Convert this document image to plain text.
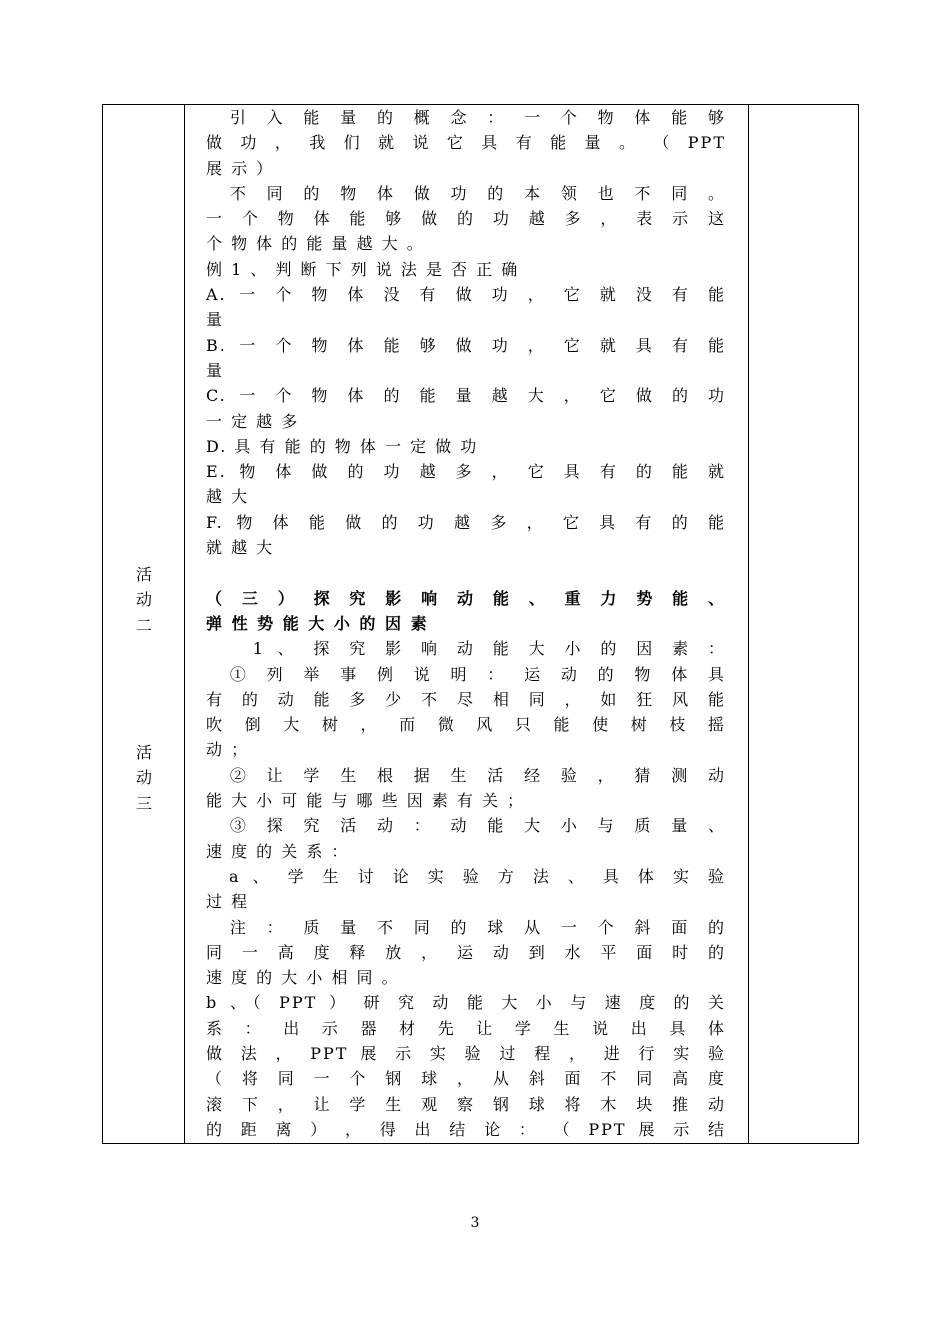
活
动
二
活
动
三
　引 入 能 量 的 概 念 ： 一 个 物 体 能 够
做 功 ， 我 们 就 说 它 具 有 能 量 。 （ PPT
展 示 ）
　不 同 的 物 体 做 功 的 本 领 也 不 同 。
一 个 物 体 能 够 做 的 功 越 多 ， 表 示 这
个 物 体 的 能 量 越 大 。
例 1 、 判 断 下 列 说 法 是 否 正 确
A. 一 个 物 体 没 有 做 功 ， 它 就 没 有 能
量
B. 一 个 物 体 能 够 做 功 ， 它 就 具 有 能
量
C. 一 个 物 体 的 能 量 越 大 ， 它 做 的 功
一 定 越 多
D. 具 有 能 的 物 体 一 定 做 功
E. 物 体 做 的 功 越 多 ， 它 具 有 的 能 就
越 大
F. 物 体 能 做 的 功 越 多 ， 它 具 有 的 能
就 越 大
（ 三 ） 探 究 影 响 动 能 、 重 力 势 能 、
弹 性 势 能 大 小 的 因 素
　　1 、 探 究 影 响 动 能 大 小 的 因 素 ：
　① 列 举 事 例 说 明 ： 运 动 的 物 体 具
有 的 动 能 多 少 不 尽 相 同 ， 如 狂 风 能
吹 倒 大 树 ， 而 微 风 只 能 使 树 枝 摇
动 ；
　② 让 学 生 根 据 生 活 经 验 ， 猜 测 动
能 大 小 可 能 与 哪 些 因 素 有 关 ；
　③ 探 究 活 动 ： 动 能 大 小 与 质 量 、
速 度 的 关 系 ：
　a 、 学 生 讨 论 实 验 方 法 、 具 体 实 验
过 程
　注 ： 质 量 不 同 的 球 从 一 个 斜 面 的
同 一 高 度 释 放 ， 运 动 到 水 平 面 时 的
速 度 的 大 小 相 同 。
b 、（ PPT ） 研 究 动 能 大 小 与 速 度 的 关
系 ： 出 示 器 材 先 让 学 生 说 出 具 体
做 法 ， PPT 展 示 实 验 过 程 ， 进 行 实 验
（ 将 同 一 个 钢 球 ， 从 斜 面 不 同 高 度
滚 下 ， 让 学 生 观 察 钢 球 将 木 块 推 动
的 距 离 ） ， 得 出 结 论 ： （ PPT 展 示 结
3
